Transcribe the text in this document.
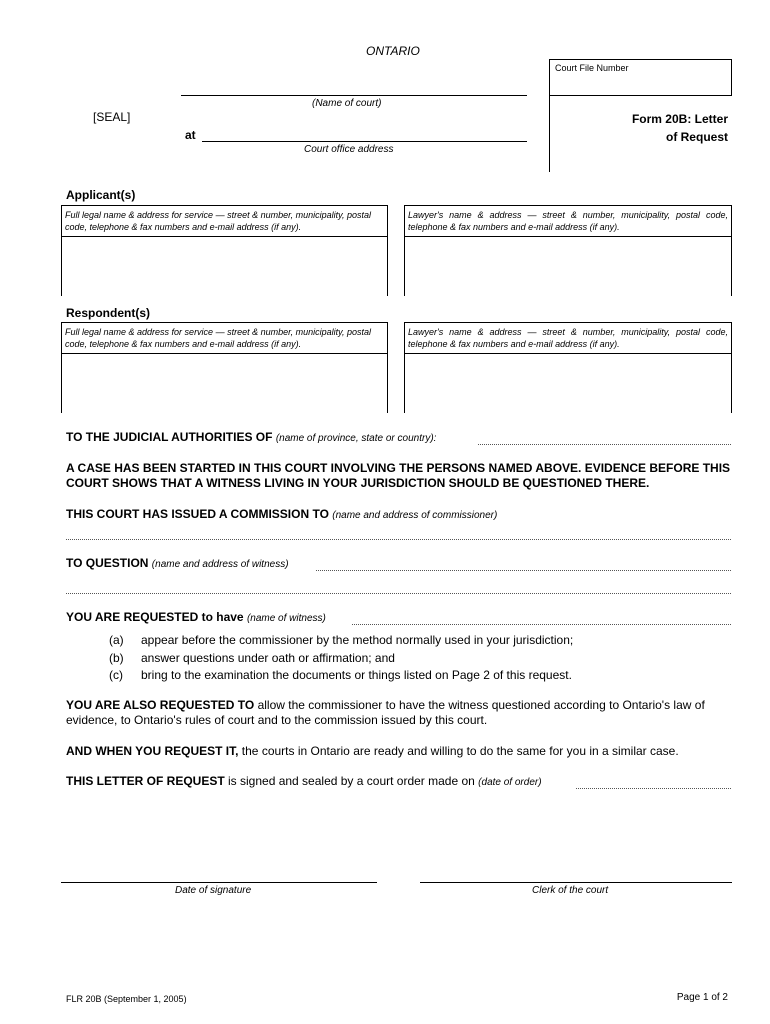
ONTARIO
[SEAL]
(Name of court)
at
Court office address
Court File Number
Form 20B: Letter
of Request
Applicant(s)
Full legal name & address for service — street & number, municipality, postal code, telephone & fax numbers and e-mail address (if any).
Lawyer's name & address — street & number, municipality, postal code, telephone & fax numbers and e-mail address (if any).
Respondent(s)
Full legal name & address for service — street & number, municipality, postal code, telephone & fax numbers and e-mail address (if any).
Lawyer's name & address — street & number, municipality, postal code, telephone & fax numbers and e-mail address (if any).
TO THE JUDICIAL AUTHORITIES OF (name of province, state or country):
A CASE HAS BEEN STARTED IN THIS COURT INVOLVING THE PERSONS NAMED ABOVE. EVIDENCE BEFORE THIS COURT SHOWS THAT A WITNESS LIVING IN YOUR JURISDICTION SHOULD BE QUESTIONED THERE.
THIS COURT HAS ISSUED A COMMISSION TO (name and address of commissioner)
TO QUESTION (name and address of witness)
YOU ARE REQUESTED to have (name of witness)
(a) appear before the commissioner by the method normally used in your jurisdiction;
(b) answer questions under oath or affirmation; and
(c) bring to the examination the documents or things listed on Page 2 of this request.
YOU ARE ALSO REQUESTED TO allow the commissioner to have the witness questioned according to Ontario's law of evidence, to Ontario's rules of court and to the commission issued by this court.
AND WHEN YOU REQUEST IT, the courts in Ontario are ready and willing to do the same for you in a similar case.
THIS LETTER OF REQUEST is signed and sealed by a court order made on (date of order)
Date of signature	Clerk of the court
FLR 20B (September 1, 2005)	Page 1 of 2
